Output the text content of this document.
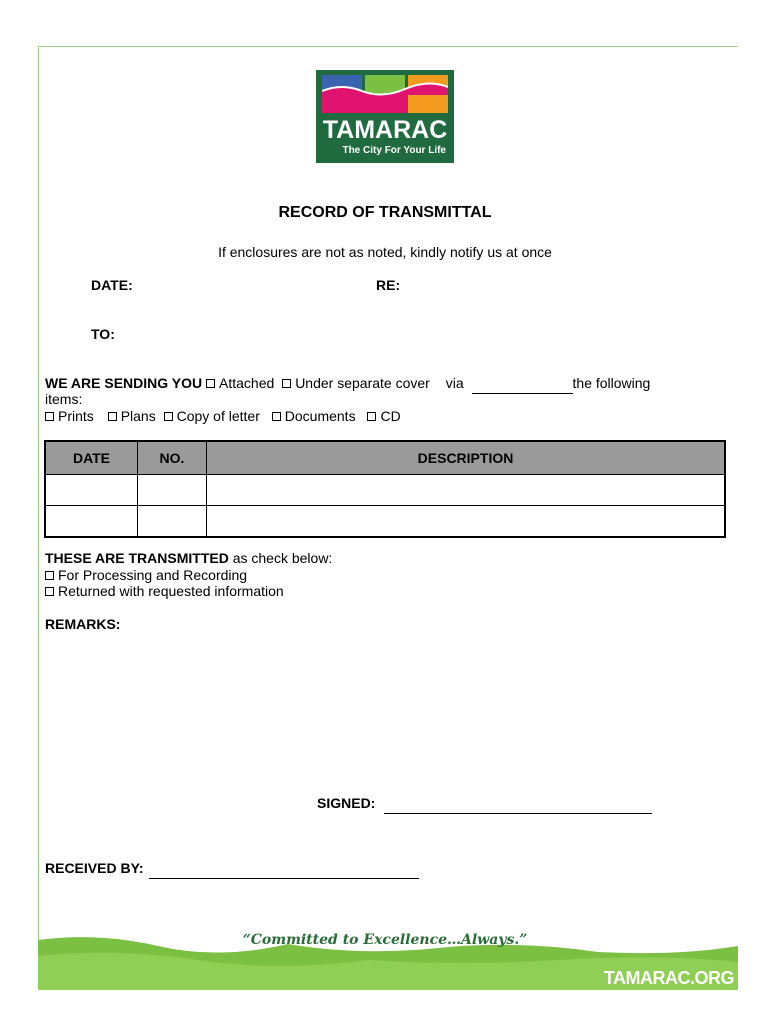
TAMARAC
The City For Your Life
RECORD OF TRANSMITTAL
If enclosures are not as noted, kindly notify us at once
DATE:	RE:
TO:
WE ARE SENDING YOU Attached Under separate cover via	the following
items:
Prints Plans Copy of letter Documents CD
DATE	NO.	DESCRIPTION

THESE ARE TRANSMITTED as check below:
For Processing and Recording
Returned with requested information
REMARKS:
SIGNED:
RECEIVED BY:
“Committed to Excellence…Always.”
TAMARAC.ORG
